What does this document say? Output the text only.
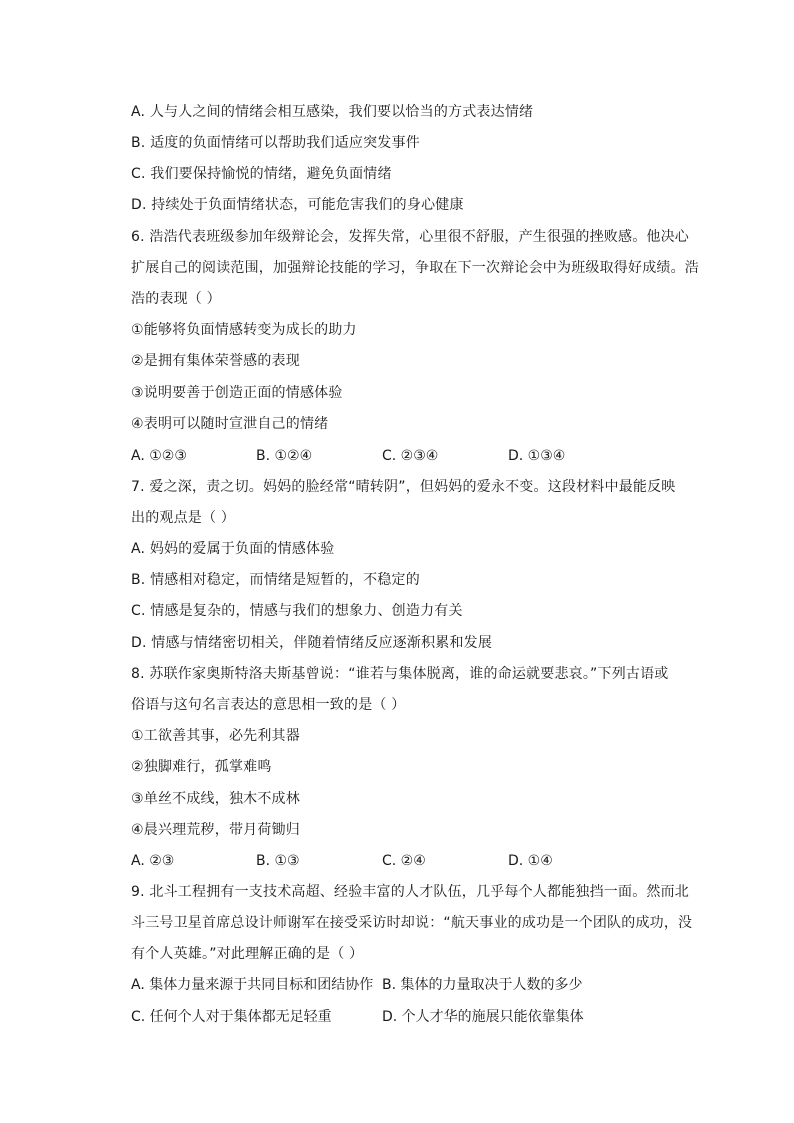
A. 人与人之间的情绪会相互感染，我们要以恰当的方式表达情绪
B. 适度的负面情绪可以帮助我们适应突发事件
C. 我们要保持愉悦的情绪，避免负面情绪
D. 持续处于负面情绪状态，可能危害我们的身心健康
6. 浩浩代表班级参加年级辩论会，发挥失常，心里很不舒服，产生很强的挫败感。他决心
扩展自己的阅读范围，加强辩论技能的学习，争取在下一次辩论会中为班级取得好成绩。浩
浩的表现（ ）
①能够将负面情感转变为成长的助力
②是拥有集体荣誉感的表现
③说明要善于创造正面的情感体验
④表明可以随时宣泄自己的情绪
A. ①②③	B. ①②④	C. ②③④	D. ①③④
7. 爱之深，责之切。妈妈的脸经常“晴转阴”，但妈妈的爱永不变。这段材料中最能反映
出的观点是（ ）
A. 妈妈的爱属于负面的情感体验
B. 情感相对稳定，而情绪是短暂的，不稳定的
C. 情感是复杂的，情感与我们的想象力、创造力有关
D. 情感与情绪密切相关，伴随着情绪反应逐渐积累和发展
8. 苏联作家奥斯特洛夫斯基曾说：“谁若与集体脱离，谁的命运就要悲哀。”下列古语或
俗语与这句名言表达的意思相一致的是（ ）
①工欲善其事，必先利其器
②独脚难行，孤掌难鸣
③单丝不成线，独木不成林
④晨兴理荒秽，带月荷锄归
A. ②③	B. ①③	C. ②④	D. ①④
9. 北斗工程拥有一支技术高超、经验丰富的人才队伍，几乎每个人都能独挡一面。然而北
斗三号卫星首席总设计师谢军在接受采访时却说：“航天事业的成功是一个团队的成功，没
有个人英雄。”对此理解正确的是（ ）
A. 集体力量来源于共同目标和团结协作 B. 集体的力量取决于人数的多少
C. 任何个人对于集体都无足轻重	D. 个人才华的施展只能依靠集体
